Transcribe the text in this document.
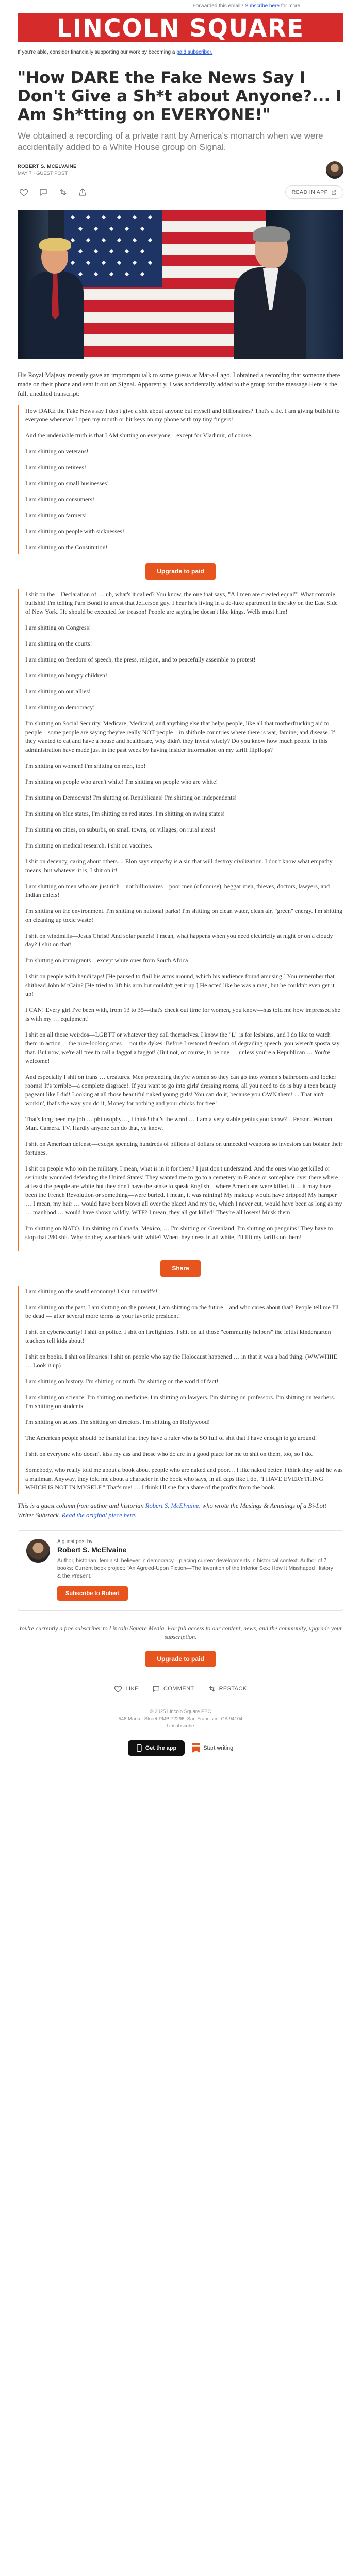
Forwarded this email? Subscribe here for more
LINCOLN SQUARE
If you're able, consider financially supporting our work by becoming a paid subscriber.
"How DARE the Fake News Say I Don't Give a Sh*t about Anyone?... I Am Sh*tting on EVERYONE!"

We obtained a recording of a private rant by America's monarch when we were accidentally added to a White House group on Signal.

ROBERT S. MCELVAINE
MAY 7 · GUEST POST
READ IN APP

His Royal Majesty recently gave an impromptu talk to some guests at Mar-a-Lago. I obtained a recording that someone there made on their phone and sent it out on Signal. Apparently, I was accidentally added to the group for the message.Here is the full, unedited transcript:

How DARE the Fake News say I don't give a shit about anyone but myself and billionaires? That's a lie. I am giving bullshit to everyone whenever I open my mouth or hit keys on my phone with my tiny fingers!

And the undeniable truth is that I AM shitting on everyone—except for Vladimir, of course.

I am shitting on veterans!

I am shitting on retirees!

I am shitting on small businesses!

I am shitting on consumers!

I am shitting on farmers!

I am shitting on people with sicknesses!

I am shitting on the Constitution!

Upgrade to paid

I shit on the—Declaration of … uh, what's it called? You know, the one that says, "All men are created equal"! What commie bullshit! I'm telling Pam Bondi to arrest that Jefferson guy. I hear he's living in a de-luxe apartment in the sky on the East Side of New York. He should be executed for treason! People are saying he doesn't like kings. Wells must him!

I am shitting on Congress!

I am shitting on the courts!

I am shitting on freedom of speech, the press, religion, and to peacefully assemble to protest!

I am shitting on hungry children!

I am shitting on our allies!

I am shitting on democracy!

I'm shitting on Social Security, Medicare, Medicaid, and anything else that helps people, like all that motherfrucking aid to people—some people are saying they've really NOT people—in shithole countries where there is war, famine, and disease. If they wanted to eat and have a house and healthcare, why didn't they invest wisely? Do you know how much people in this administration have made just in the past week by having insider information on my tariff flipflops?

I'm shitting on women! I'm shitting on men, too!

I'm shitting on people who aren't white! I'm shitting on people who are white!

I'm shitting on Democrats! I'm shitting on Republicans! I'm shitting on independents!

I'm shitting on blue states, I'm shitting on red states. I'm shitting on swing states!

I'm shitting on cities, on suburbs, on small towns, on villages, on rural areas!

I'm shitting on medical research. I shit on vaccines.

I shit on decency, caring about others.... Elon says empathy is a sin that will destroy civilization. I don't know what empathy means, but whatever it is, I shit on it!

I am shitting on men who are just rich—not billionaires—poor men (of course), beggar men, thieves, doctors, lawyers, and Indian chiefs!

I'm shitting on the environment. I'm shitting on national parks! I'm shitting on clean water, clean air, "green" energy. I'm shitting on cleaning up toxic waste!

I shit on windmills—Jesus Christ! And solar panels! I mean, what happens when you need electricity at night or on a cloudy day? I shit on that!

I'm shitting on immigrants—except white ones from South Africa!

I shit on people with handicaps! [He paused to flail his arms around, which his audience found amusing.] You remember that shithead John McCain? [He tried to lift his arm but couldn't get it up.] He acted like he was a man, but he couldn't even get it up!

I CAN! Every girl I've been with, from 13 to 35—that's check out time for women, you know—has told me how impressed she is with my … equipment!

I shit on all those weirdos—LGBTT or whatever they call themselves. I know the "L" is for lesbians, and I do like to watch them in action— the nice-looking ones— not the dykes. Before I restored freedom of degrading speech, you weren't sposta say that. But now, we're all free to call a faggot a faggot! (But not, of course, to be one — unless you're a Republican … You're welcome!

And especially I shit on trans … creatures. Men pretending they're women so they can go into women's bathrooms and locker rooms! It's terrible—a complete disgrace!. If you want to go into girls' dressing rooms, all you need to do is buy a teen beauty pageant like I did! Looking at all those beautiful naked young girls! You can do it, because you OWN them! ... That ain't workin', that's the way you do it, Money for nothing and your chicks for free!

That's long been my job … philosophy…, I think! that's the word … I am a very stable genius you know?…Person. Woman. Man. Camera. TV. Hardly anyone can do that, ya know.

I shit on American defense—except spending hundreds of billions of dollars on unneeded weapons so investors can bolster their fortunes.

I shit on people who join the military. I mean, what is in it for them? I just don't understand. And the ones who get killed or seriously wounded defending the United States! They wanted me to go to a cemetery in France or someplace over there where at least the people are white but they don't have the sense to speak English—where Americans were killed. It ... it may have been the French Revolution or something—were buried. I mean, it was raining! My makeup would have dripped! My hamper … I mean, my hair … would have been blown all over the place! And my tie, which I never cut, would have been as long as my … manhood … would have shown wildly. WTF? I mean, they all got killed! They're all losers! Musk them!

I'm shitting on NATO. I'm shitting on Canada, Mexico, … I'm shitting on Greenland, I'm shitting on penguins! They have to stop that 280 shit. Why do they wear black with white? When they dress in all white, I'll lift my tariffs on them!

Share

I am shitting on the world economy! I shit out tariffs!

I am shitting on the past, I am shitting on the present, I am shitting on the future—and who cares about that? People tell me I'll be dead — after several more terms as your favorite president!

I shit on cybersecurity! I shit on police. I shit on firefighters. I shit on all those "community helpers" the leftist kindergarten teachers tell kids about!

I shit on books. I shit on libraries! I shit on people who say the Holocaust happened … in that it was a bad thing. (WWWHIIE … Look it up)

I am shitting on history. I'm shitting on truth. I'm shitting on the world of fact!

I am shitting on science. I'm shitting on medicine. I'm shitting on lawyers. I'm shitting on professors. I'm shitting on teachers. I'm shitting on students.

I'm shitting on actors. I'm shitting on directors. I'm shitting on Hollywood!

The American people should be thankful that they have a ruler who is SO full of shit that I have enough to go around!

I shit on everyone who doesn't kiss my ass and those who do are in a good place for me to shit on them, too, so I do.

Somebody, who really told me about a book about people who are naked and poor… I like naked better. I think they said he was a mailman. Anyway, they told me about a character in the book who says, in all caps like I do, "I HAVE EVERYTHING WHICH IS NOT IN MYSELF." That's me! … I think I'll sue for a share of the profits from the book.

This is a guest column from author and historian Robert S. McElvaine, who wrote the Musings & Amusings of a Bi-Lott Writer Substack. Read the original piece here.

A guest post by
Robert S. McElvaine
Author, historian, feminist, believer in democracy—placing current developments in historical context. Author of 7 books: Current book project: "An Agreed-Upon Fiction—The Invention of the Inferior Sex: How It Misshaped History & the Present."
Subscribe to Robert

You're currently a free subscriber to Lincoln Square Media. For full access to our content, news, and the community, upgrade your subscription.

Upgrade to paid
LIKE	COMMENT	RESTACK
© 2025 Lincoln Square PBC
548 Market Street PMB 72296, San Francisco, CA 94104
Unsubscribe
Get the app	Start writing
